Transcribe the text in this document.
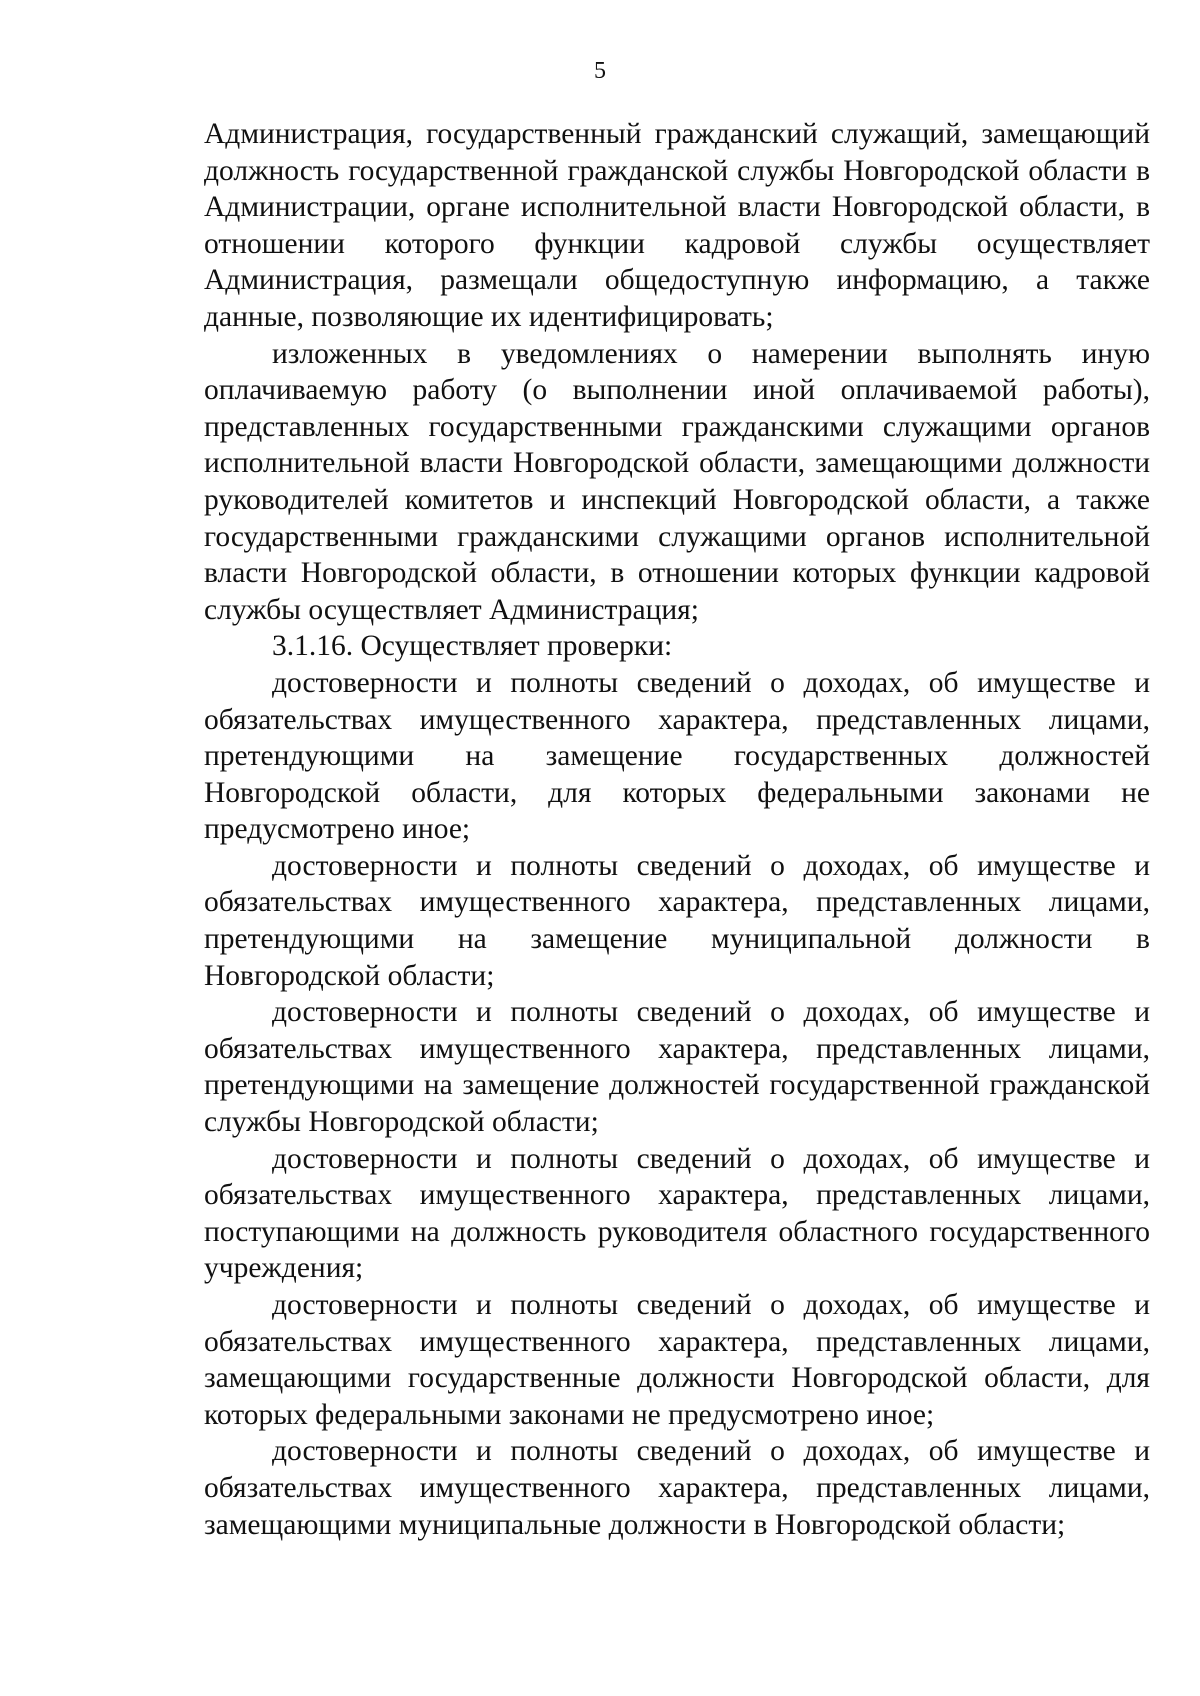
5

Администрация, государственный гражданский служащий, замещающий должность государственной гражданской службы Новгородской области в Администрации, органе исполнительной власти Новгородской области, в отношении которого функции кадровой службы осуществляет Администрация, размещали общедоступную информацию, а также данные, позволяющие их идентифицировать;

изложенных в уведомлениях о намерении выполнять иную оплачиваемую работу (о выполнении иной оплачиваемой работы), представленных государственными гражданскими служащими органов исполнительной власти Новгородской области, замещающими должности руководителей комитетов и инспекций Новгородской области, а также государственными гражданскими служащими органов исполнительной власти Новгородской области, в отношении которых функции кадровой службы осуществляет Администрация;

3.1.16. Осуществляет проверки:

достоверности и полноты сведений о доходах, об имуществе и обязательствах имущественного характера, представленных лицами, претендующими на замещение государственных должностей Новгородской области, для которых федеральными законами не предусмотрено иное;

достоверности и полноты сведений о доходах, об имуществе и обязательствах имущественного характера, представленных лицами, претендующими на замещение муниципальной должности в Новгородской области;

достоверности и полноты сведений о доходах, об имуществе и обязательствах имущественного характера, представленных лицами, претендующими на замещение должностей государственной гражданской службы Новгородской области;

достоверности и полноты сведений о доходах, об имуществе и обязательствах имущественного характера, представленных лицами, поступающими на должность руководителя областного государственного учреждения;

достоверности и полноты сведений о доходах, об имуществе и обязательствах имущественного характера, представленных лицами, замещающими государственные должности Новгородской области, для которых федеральными законами не предусмотрено иное;

достоверности и полноты сведений о доходах, об имуществе и обязательствах имущественного характера, представленных лицами, замещающими муниципальные должности в Новгородской области;
